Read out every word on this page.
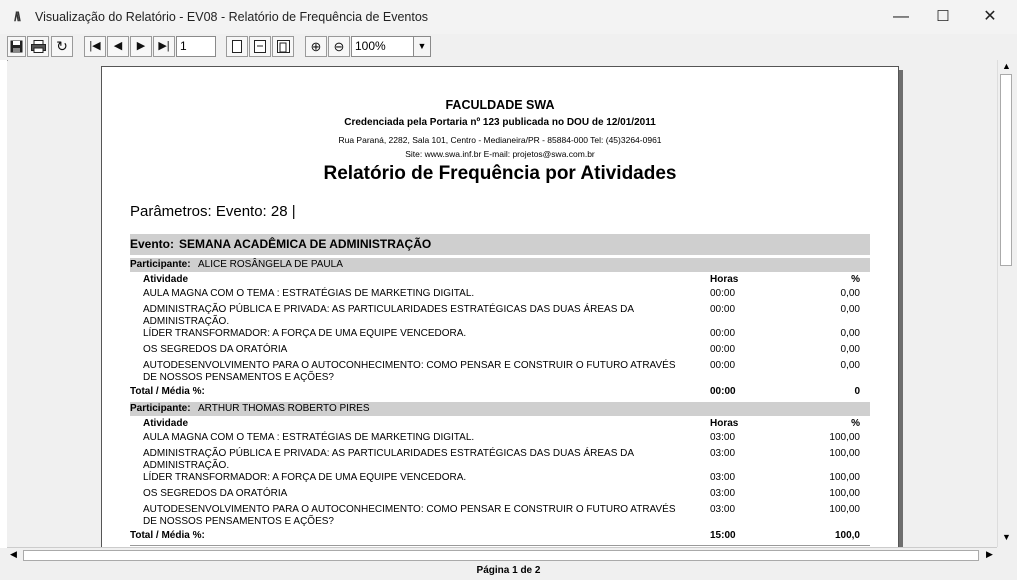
/\\ Visualização do Relatório - EV08 - Relatório de Frequência de Eventos	—	☐	✕
↻	|◀	◀	▶	▶|	⊕ ⊖
1	100%	▼
FACULDADE SWA
Credenciada pela Portaria nº 123 publicada no DOU de 12/01/2011
Rua Paraná, 2282, Sala 101, Centro - Medianeira/PR - 85884-000 Tel: (45)3264-0961
Site: www.swa.inf.br E-mail: projetos@swa.com.br
Relatório de Frequência por Atividades
Parâmetros: Evento: 28 |
Evento: SEMANA ACADÊMICA DE ADMINISTRAÇÃO
Participante: ALICE ROSÂNGELA DE PAULA
Atividade	Horas	%
AULA MAGNA COM O TEMA : ESTRATÉGIAS DE MARKETING DIGITAL.	00:00	0,00
ADMINISTRAÇÃO PÚBLICA E PRIVADA: AS PARTICULARIDADES ESTRATÉGICAS DAS DUAS ÁREAS DA ADMINISTRAÇÃO.
00:00	0,00
LÍDER TRANSFORMADOR: A FORÇA DE UMA EQUIPE VENCEDORA.	00:00	0,00
OS SEGREDOS DA ORATÓRIA	00:00	0,00
AUTODESENVOLVIMENTO PARA O AUTOCONHECIMENTO: COMO PENSAR E CONSTRUIR O FUTURO ATRAVÉS DE NOSSOS PENSAMENTOS E AÇÕES?
00:00	0,00
Total / Média %:	00:00	0
Participante: ARTHUR THOMAS ROBERTO PIRES
Atividade	Horas	%
AULA MAGNA COM O TEMA : ESTRATÉGIAS DE MARKETING DIGITAL.	03:00	100,00
ADMINISTRAÇÃO PÚBLICA E PRIVADA: AS PARTICULARIDADES ESTRATÉGICAS DAS DUAS ÁREAS DA ADMINISTRAÇÃO.
03:00	100,00
LÍDER TRANSFORMADOR: A FORÇA DE UMA EQUIPE VENCEDORA.	03:00	100,00
OS SEGREDOS DA ORATÓRIA	03:00	100,00
AUTODESENVOLVIMENTO PARA O AUTOCONHECIMENTO: COMO PENSAR E CONSTRUIR O FUTURO ATRAVÉS DE NOSSOS PENSAMENTOS E AÇÕES?
03:00	100,00
Total / Média %:	15:00	100,0
▲
▼
◀	▶
Página 1 de 2
